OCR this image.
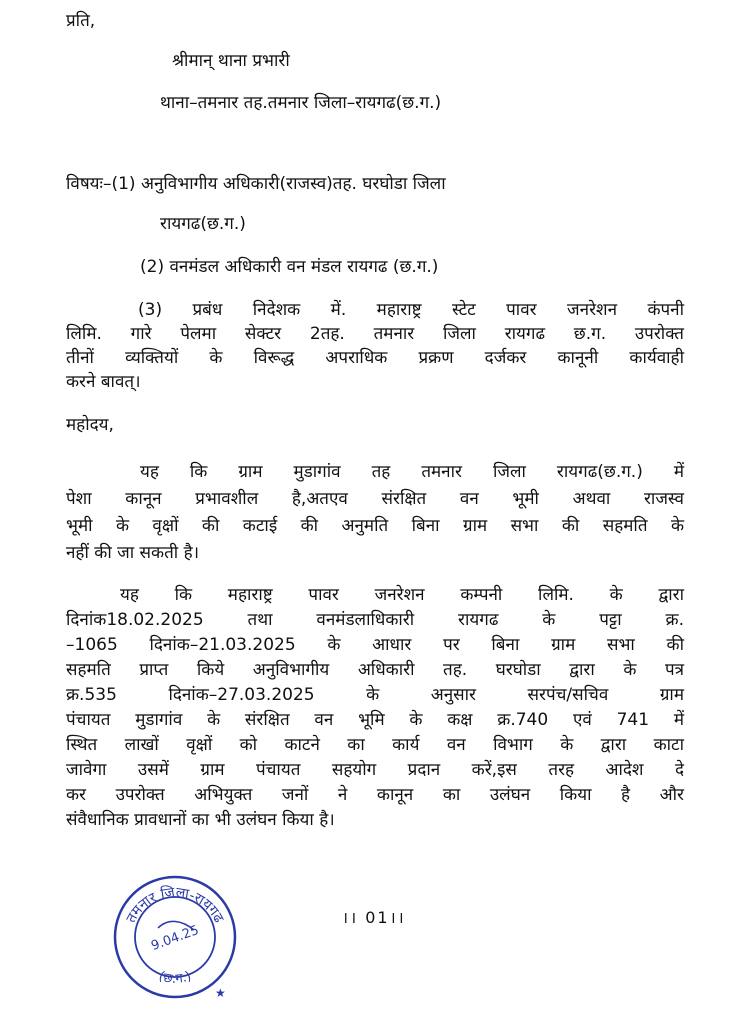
प्रति,
श्रीमान् थाना प्रभारी
थाना–तमनार तह.तमनार जिला–रायगढ(छ.ग.)
विषयः–(1) अनुविभागीय अधिकारी(राजस्व)तह. घरघोडा जिला
रायगढ(छ.ग.)
(2) वनमंडल अधिकारी वन मंडल रायगढ (छ.ग.)
(3) प्रबंध निदेशक में. महाराष्ट्र स्टेट पावर जनरेशन कंपनी
लिमि. गारे पेलमा सेक्टर 2तह. तमनार जिला रायगढ छ.ग. उपरोक्त
तीनों व्यक्तियों के विरूद्ध अपराधिक प्रक्रण दर्जकर कानूनी कार्यवाही
करने बावत्।
महोदय,
यह कि ग्राम मुडागांव तह तमनार जिला रायगढ(छ.ग.) में
पेशा कानून प्रभावशील है,अतएव संरक्षित वन भूमी अथवा राजस्व
भूमी के वृक्षों की कटाई की अनुमति बिना ग्राम सभा की सहमति के
नहीं की जा सकती है।
यह कि महाराष्ट्र पावर जनरेशन कम्पनी लिमि. के द्वारा
दिनांक18.02.2025 तथा वनमंडलाधिकारी रायगढ के पट्टा क्र.
–1065 दिनांक–21.03.2025 के आधार पर बिना ग्राम सभा की
सहमति प्राप्त किये अनुविभागीय अधिकारी तह. घरघोडा द्वारा के पत्र
क्र.535 दिनांक–27.03.2025 के अनुसार सरपंच/सचिव ग्राम
पंचायत मुडागांव के संरक्षित वन भूमि के कक्ष क्र.740 एवं 741 में
स्थित लाखों वृक्षों को काटने का कार्य वन विभाग के द्वारा काटा
जावेगा उसमें ग्राम पंचायत सहयोग प्रदान करें,इस तरह आदेश दे
कर उपरोक्त अभियुक्त जनों ने कानून का उलंघन किया है और
संवैधानिक प्रावधानों का भी उलंघन किया है।
तमनार जिला-रायगढ
(छ.ग.)
9.04.25
★
।। 01।।
